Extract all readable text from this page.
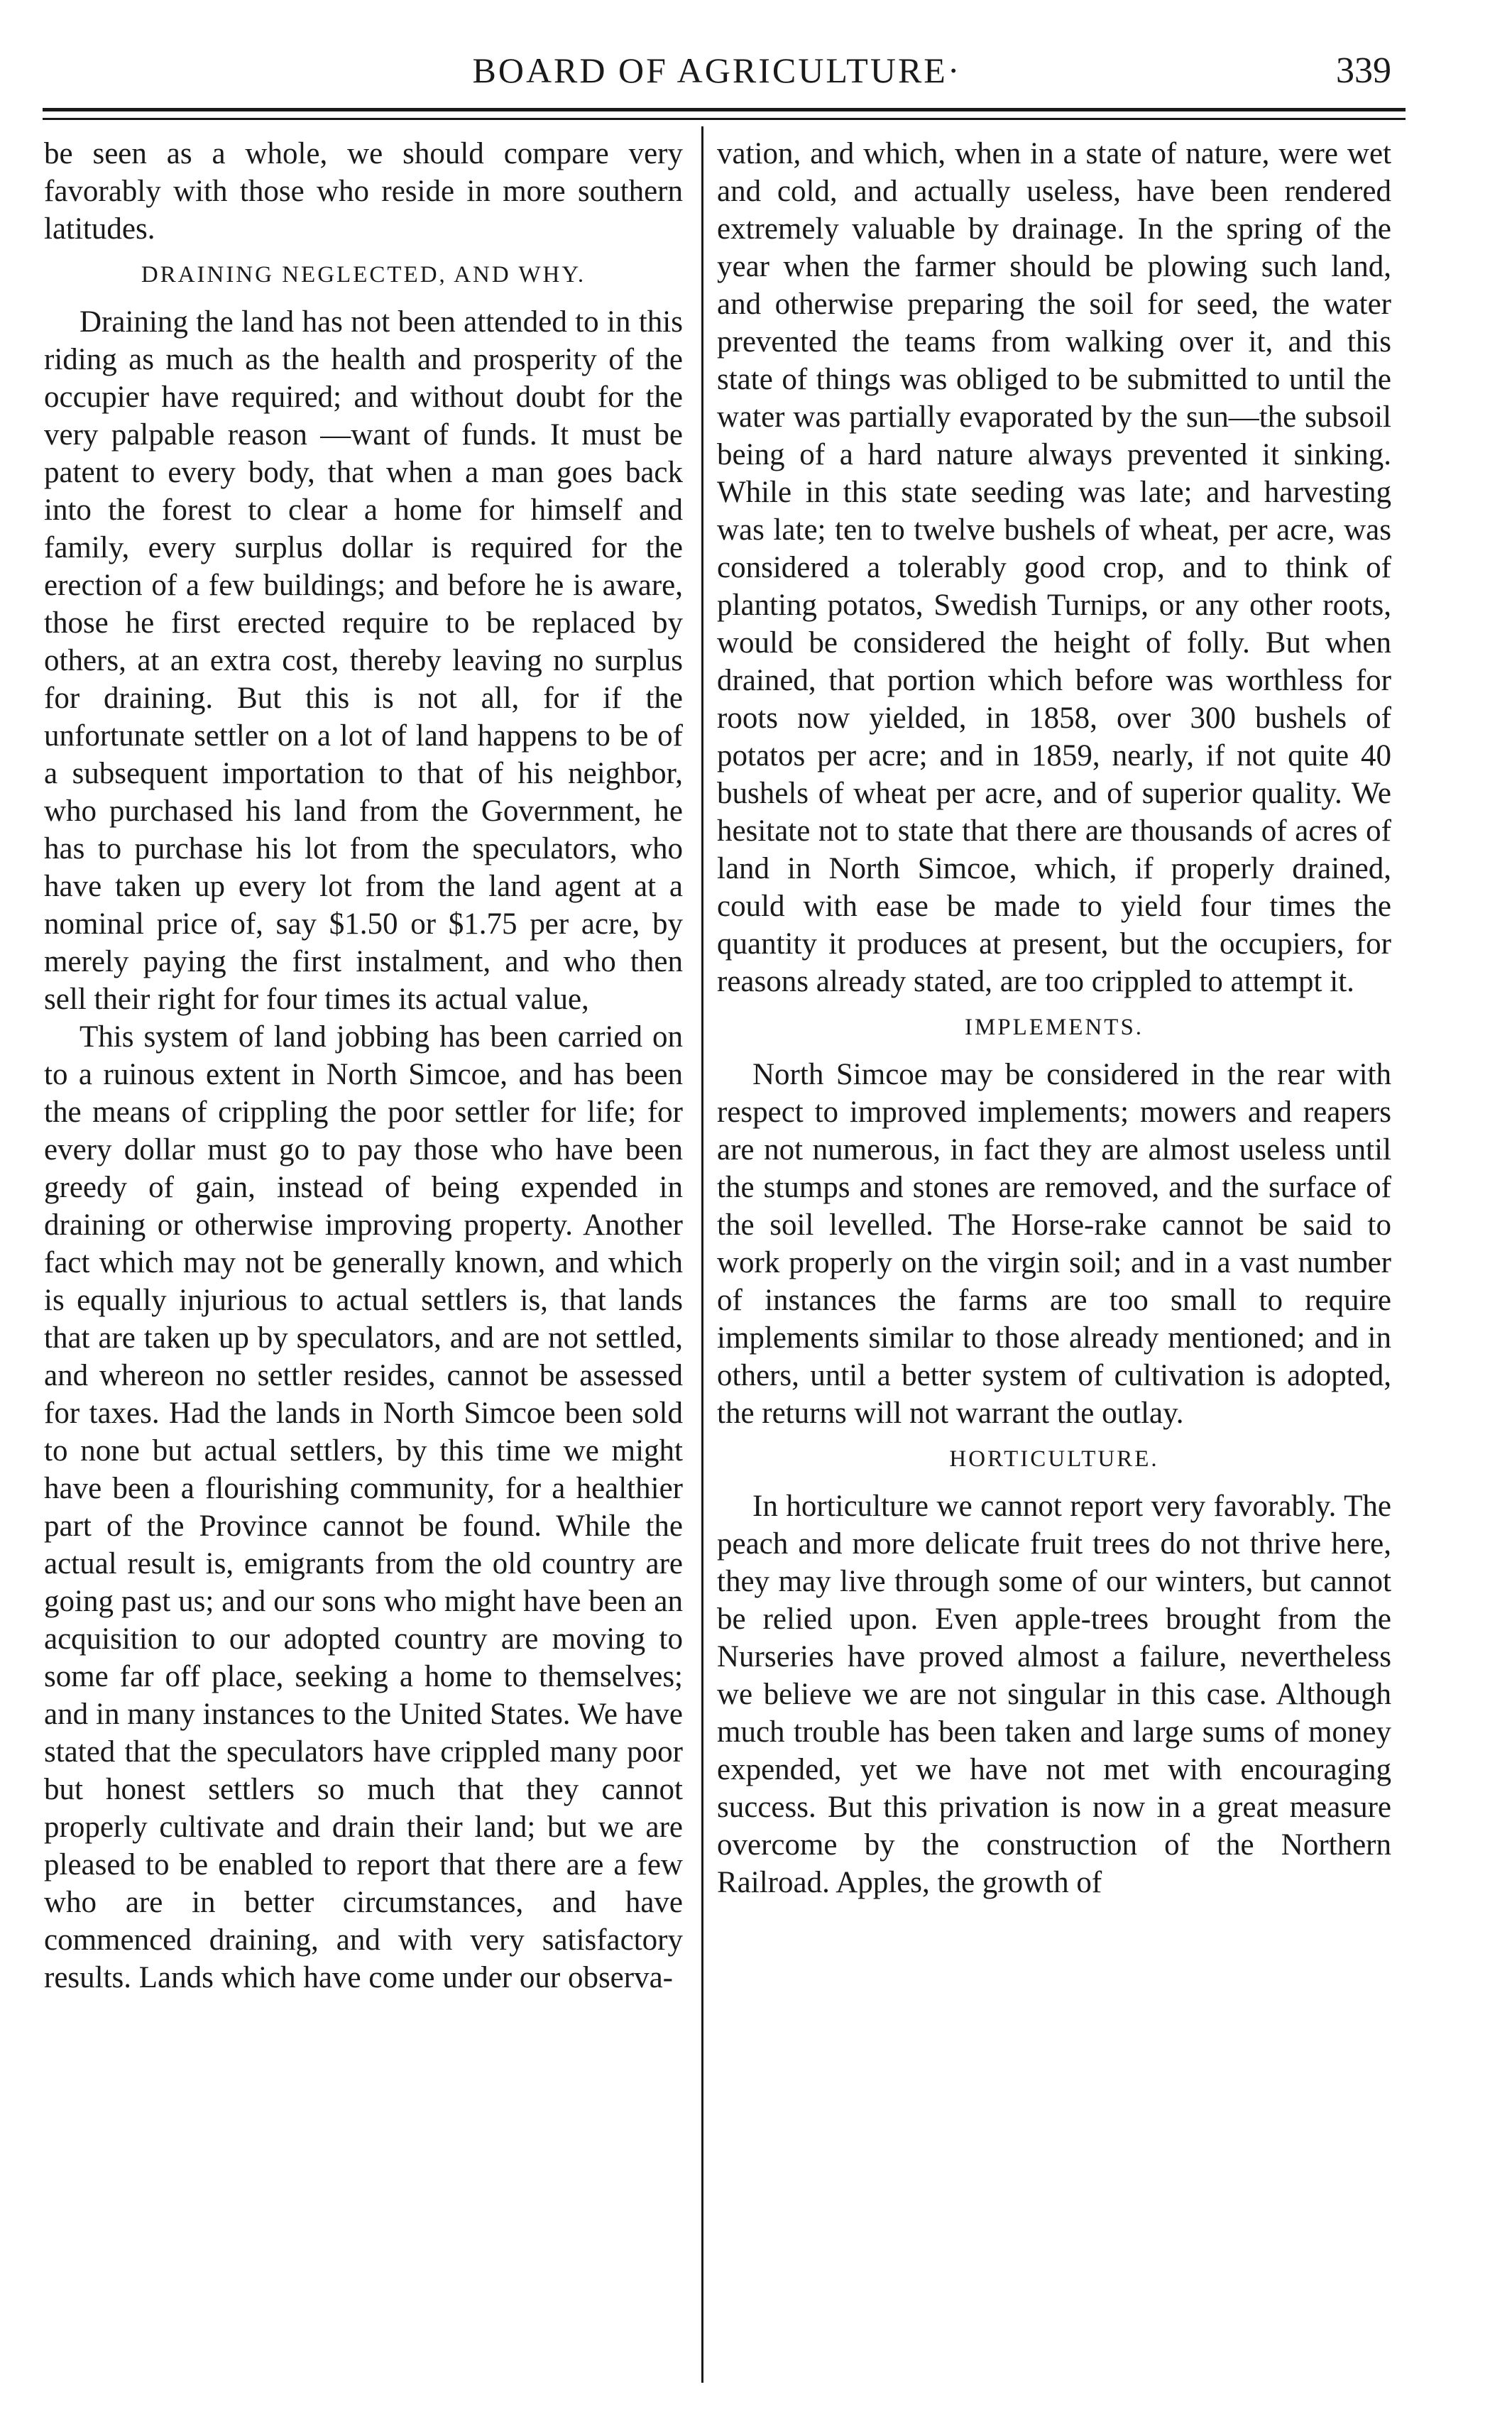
BOARD OF AGRICULTURE·	339

be seen as a whole, we should compare very favorably with those who reside in more southern latitudes.

DRAINING NEGLECTED, AND WHY.

Draining the land has not been attended to in this riding as much as the health and prosperity of the occupier have required; and without doubt for the very palpable reason —want of funds. It must be patent to every body, that when a man goes back into the forest to clear a home for himself and family, every surplus dollar is required for the erection of a few buildings; and before he is aware, those he first erected require to be replaced by others, at an extra cost, thereby leaving no surplus for draining. But this is not all, for if the unfortunate settler on a lot of land happens to be of a subsequent importation to that of his neighbor, who purchased his land from the Government, he has to purchase his lot from the speculators, who have taken up every lot from the land agent at a nominal price of, say $1.50 or $1.75 per acre, by merely paying the first instalment, and who then sell their right for four times its actual value,

This system of land jobbing has been carried on to a ruinous extent in North Simcoe, and has been the means of crippling the poor settler for life; for every dollar must go to pay those who have been greedy of gain, instead of being expended in draining or otherwise improving property. Another fact which may not be generally known, and which is equally injurious to actual settlers is, that lands that are taken up by speculators, and are not settled, and whereon no settler resides, cannot be assessed for taxes. Had the lands in North Simcoe been sold to none but actual settlers, by this time we might have been a flourishing community, for a healthier part of the Province cannot be found. While the actual result is, emigrants from the old country are going past us; and our sons who might have been an acquisition to our adopted country are moving to some far off place, seeking a home to themselves; and in many instances to the United States. We have stated that the speculators have crippled many poor but honest settlers so much that they cannot properly cultivate and drain their land; but we are pleased to be enabled to report that there are a few who are in better circumstances, and have commenced draining, and with very satisfactory results. Lands which have come under our observa-

vation, and which, when in a state of nature, were wet and cold, and actually useless, have been rendered extremely valuable by drainage. In the spring of the year when the farmer should be plowing such land, and otherwise preparing the soil for seed, the water prevented the teams from walking over it, and this state of things was obliged to be submitted to until the water was partially evaporated by the sun—the subsoil being of a hard nature always prevented it sinking. While in this state seeding was late; and harvesting was late; ten to twelve bushels of wheat, per acre, was considered a tolerably good crop, and to think of planting potatos, Swedish Turnips, or any other roots, would be considered the height of folly. But when drained, that portion which before was worthless for roots now yielded, in 1858, over 300 bushels of potatos per acre; and in 1859, nearly, if not quite 40 bushels of wheat per acre, and of superior quality. We hesitate not to state that there are thousands of acres of land in North Simcoe, which, if properly drained, could with ease be made to yield four times the quantity it produces at present, but the occupiers, for reasons already stated, are too crippled to attempt it.

IMPLEMENTS.

North Simcoe may be considered in the rear with respect to improved implements; mowers and reapers are not numerous, in fact they are almost useless until the stumps and stones are removed, and the surface of the soil levelled. The Horse-rake cannot be said to work properly on the virgin soil; and in a vast number of instances the farms are too small to require implements similar to those already mentioned; and in others, until a better system of cultivation is adopted, the returns will not warrant the outlay.

HORTICULTURE.

In horticulture we cannot report very favorably. The peach and more delicate fruit trees do not thrive here, they may live through some of our winters, but cannot be relied upon. Even apple-trees brought from the Nurseries have proved almost a failure, nevertheless we believe we are not singular in this case. Although much trouble has been taken and large sums of money expended, yet we have not met with encouraging success. But this privation is now in a great measure overcome by the construction of the Northern Railroad. Apples, the growth of
